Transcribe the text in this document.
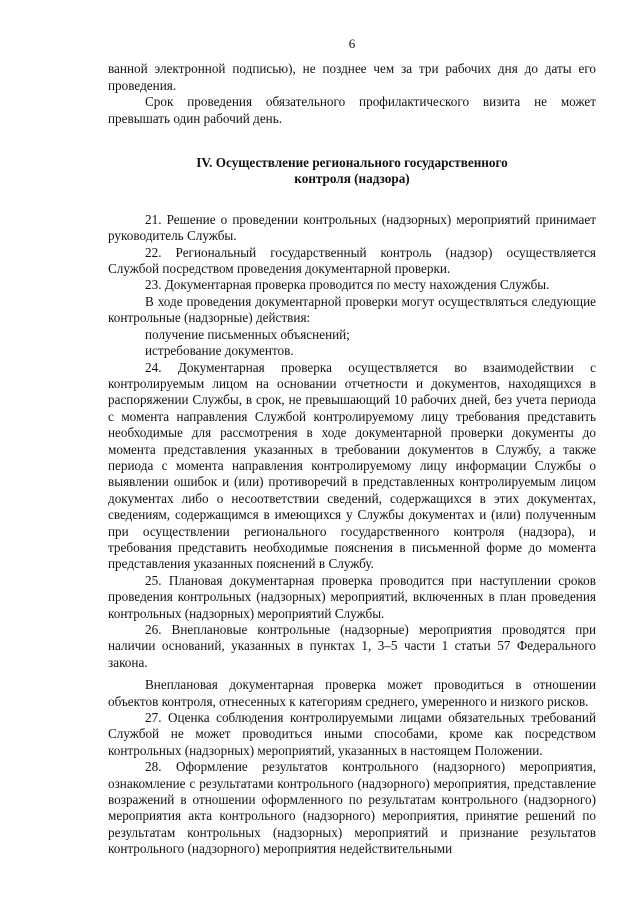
6

ванной электронной подписью), не позднее чем за три рабочих дня до даты его проведения.

Срок проведения обязательного профилактического визита не может превышать один рабочий день.

IV. Осуществление регионального государственного
контроля (надзора)

21. Решение о проведении контрольных (надзорных) мероприятий принимает руководитель Службы.

22. Региональный государственный контроль (надзор) осуществляется Службой посредством проведения документарной проверки.

23. Документарная проверка проводится по месту нахождения Службы.

В ходе проведения документарной проверки могут осуществляться следующие контрольные (надзорные) действия:

получение письменных объяснений;

истребование документов.

24. Документарная проверка осуществляется во взаимодействии с контролируемым лицом на основании отчетности и документов, находящихся в распоряжении Службы, в срок, не превышающий 10 рабочих дней, без учета периода с момента направления Службой контролируемому лицу требования представить необходимые для рассмотрения в ходе документарной проверки документы до момента представления указанных в требовании документов в Службу, а также периода с момента направления контролируемому лицу информации Службы о выявлении ошибок и (или) противоречий в представленных контролируемым лицом документах либо о несоответствии сведений, содержащихся в этих документах, сведениям, содержащимся в имеющихся у Службы документах и (или) полученным при осуществлении регионального государственного контроля (надзора), и требования представить необходимые пояснения в письменной форме до момента представления указанных пояснений в Службу.

25. Плановая документарная проверка проводится при наступлении сроков проведения контрольных (надзорных) мероприятий, включенных в план проведения контрольных (надзорных) мероприятий Службы.

26. Внеплановые контрольные (надзорные) мероприятия проводятся при наличии оснований, указанных в пунктах 1, 3–5 части 1 статьи 57 Федерального закона.

Внеплановая документарная проверка может проводиться в отношении объектов контроля, отнесенных к категориям среднего, умеренного и низкого рисков.

27. Оценка соблюдения контролируемыми лицами обязательных требований Службой не может проводиться иными способами, кроме как посредством контрольных (надзорных) мероприятий, указанных в настоящем Положении.

28. Оформление результатов контрольного (надзорного) мероприятия, ознакомление с результатами контрольного (надзорного) мероприятия, представление возражений в отношении оформленного по результатам контрольного (надзорного) мероприятия акта контрольного (надзорного) мероприятия, принятие решений по результатам контрольных (надзорных) мероприятий и признание результатов контрольного (надзорного) мероприятия недействительными
